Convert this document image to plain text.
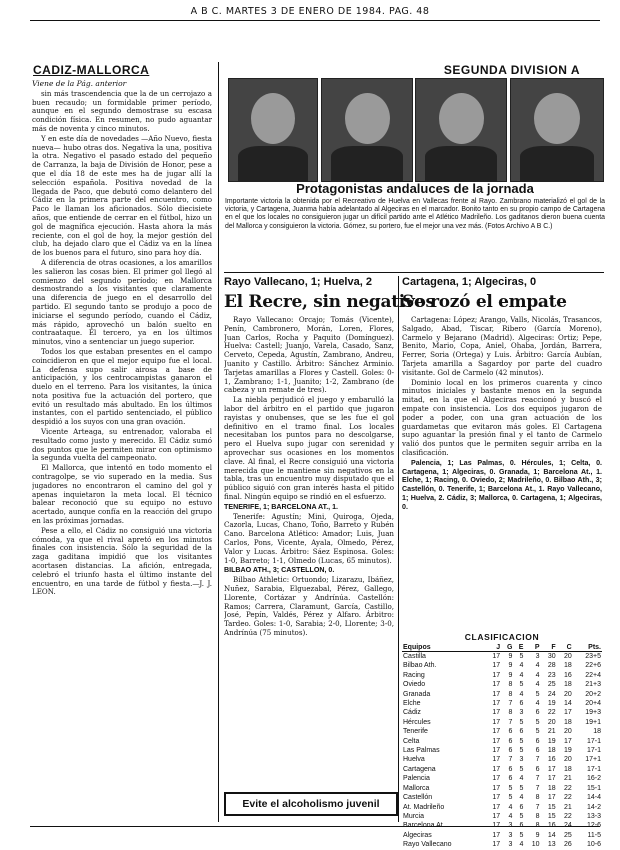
A B C. MARTES 3 DE ENERO DE 1984. PAG. 48
CADIZ-MALLORCA	SEGUNDA DIVISION A

Viene de la Pág. anterior

sin más trascendencia que la de un cerrojazo a buen recaudo; un formidable primer período, aunque en el segundo demostrase su escasa condición física. En resumen, no pudo aguantar más de noventa y cinco minutos.

Y en este día de novedades —Año Nuevo, fiesta nueva— hubo otras dos. Negativa la una, positiva la otra. Negativo el pasado estado del pequeño de Carranza, la baja de División de Honor, pese a que el día 18 de este mes ha de jugar allí la selección española. Positiva novedad de la llegada de Paco, que debutó como delantero del Cádiz en la primera parte del encuentro, como Paco le llaman los aficionados. Sólo diecisiete años, que entiende de cerrar en el fútbol, hizo un gol de magnífica ejecución. Hasta ahora la más reciente, con el gol de hoy, la mejor gestión del club, ha dejado claro que el Cádiz va en la línea de los buenos para el futuro, sino para hoy día.

A diferencia de otras ocasiones, a los amarillos les salieron las cosas bien. El primer gol llegó al comienzo del segundo período; en Mallorca desmostrando a los visitantes que claramente una diferencia de juego en el desarrollo del partido. El segundo tanto se produjo a poco de iniciarse el segundo período, cuando el Cádiz, más rápido, aprovechó un balón suelto en contraataque. El tercero, ya en los últimos minutos, vino a sentenciar un juego superior.

Todos los que estaban presentes en el campo coincidieron en que el mejor equipo fue el local. La defensa supo salir airosa a base de anticipación, y los centrocampistas ganaron el duelo en el terreno. Para los visitantes, la única nota positiva fue la actuación del portero, que evitó un resultado más abultado. En los últimos instantes, con el partido sentenciado, el público despidió a los suyos con una gran ovación.

Vicente Arteaga, su entrenador, valoraba el resultado como justo y merecido. El Cádiz sumó dos puntos que le permiten mirar con optimismo la segunda vuelta del campeonato.

El Mallorca, que intentó en todo momento el contragolpe, se vio superado en la media. Sus jugadores no encontraron el camino del gol y apenas inquietaron la meta local. El técnico balear reconoció que su equipo no estuvo acertado, aunque confía en la reacción del grupo en las próximas jornadas.

Pese a ello, el Cádiz no consiguió una victoria cómoda, ya que el rival apretó en los minutos finales con insistencia. Sólo la seguridad de la zaga gaditana impidió que los visitantes acortasen distancias. La afición, entregada, celebró el triunfo hasta el último instante del encuentro, en una tarde de fútbol y fiesta.—J. J. LEON.

Protagonistas andaluces de la jornada
Importante victoria la obtenida por el Recreativo de Huelva en Vallecas frente al Rayo. Zambrano materializó el gol de la victoria, y Cartagena, Juanma había adelantado al Algeciras en el marcador. Bonito tanto en su propio campo de Cartagena en el que los locales no consiguieron jugar un difícil partido ante el Atlético Madrileño. Los gaditanos dieron buena cuenta del Mallorca y consiguieron la victoria. Gómez, su portero, fue el mejor una vez más. (Fotos Archivo A B C.)
Rayo Vallecano, 1; Huelva, 2
El Recre, sin negativos

Rayo Vallecano: Orcajo; Tomás (Vicente), Penín, Cambronero, Morán, Loren, Flores, Juan Carlos, Rocha y Paquito (Domínguez). Huelva: Castell; Juanjo, Varela, Casado, Sanz, Cerveto, Cepeda, Agustín, Zambrano, Andreu, Juanito y Castillo. Árbitro: Sánchez Arminio. Tarjetas amarillas a Flores y Castell. Goles: 0-1, Zambrano; 1-1, Juanito; 1-2, Zambrano (de cabeza y un remate de tres).

La niebla perjudicó el juego y embarulló la labor del árbitro en el partido que jugaron rayistas y onubenses, que se les fue el gol definitivo en el tramo final. Los locales necesitaban los puntos para no descolgarse, pero el Huelva supo jugar con serenidad y aprovechar sus ocasiones en los momentos clave. Al final, el Recre consiguió una victoria merecida que le mantiene sin negativos en la tabla, tras un encuentro muy disputado que el público siguió con gran interés hasta el pitido final. Ningún equipo se rindió en el esfuerzo.

TENERIFE, 1; BARCELONA AT., 1.

Tenerife: Agustín; Mini, Quiroga, Ojeda, Cazorla, Lucas, Chano, Toño, Barreto y Rubén Cano. Barcelona Atlético: Amador; Luis, Juan Carlos, Pons, Vicente, Ayala, Olmedo, Pérez, Valor y Lucas. Árbitro: Sáez Espinosa. Goles: 1-0, Barreto; 1-1, Olmedo (Lucas, 65 minutos).

BILBAO ATH., 3; CASTELLON, 0.

Bilbao Athletic: Ortuondo; Lizarazu, Ibáñez, Nuñez, Sarabia, Elguezabal, Pérez, Gallego, Llorente, Cortázar y Andrínúa. Castellón: Ramos; Carrera, Claramunt, García, Castillo, José, Pepín, Valdés, Pérez y Alfaro. Árbitro: Tardeo. Goles: 1-0, Sarabia; 2-0, Llorente; 3-0, Andrínúa (75 minutos).

Evite el alcoholismo juvenil
Cartagena, 1; Algeciras, 0
Se rozó el empate

Cartagena: López; Arango, Valls, Nicolás, Trasancos, Salgado, Abad, Tiscar, Ribero (García Moreno), Carmelo y Bejarano (Madrid). Algeciras: Ortiz; Pepe, Benito, Mario, Copa, Aniel, Ohaba, Jordán, Barrera, Ferrer, Soria (Ortega) y Luis. Árbitro: García Aubían, Tarjeta amarilla a Sagardoy por parte del cuadro visitante. Gol de Carmelo (42 minutos).

Dominio local en los primeros cuarenta y cinco minutos iniciales y bastante menos en la segunda mitad, en la que el Algeciras reaccionó y buscó el empate con insistencia. Los dos equipos jugaron de poder a poder, con una gran actuación de los guardametas que evitaron más goles. El Cartagena supo aguantar la presión final y el tanto de Carmelo valió dos puntos que le permiten seguir arriba en la clasificación.

Palencia, 1; Las Palmas, 0. Hércules, 1; Celta, 0. Cartagena, 1; Algeciras, 0. Granada, 1; Barcelona At., 1. Elche, 1; Racing, 0. Oviedo, 2; Madrileño, 0. Bilbao Ath., 3; Castellón, 0. Tenerife, 1; Barcelona At., 1. Rayo Vallecano, 1; Huelva, 2. Cádiz, 3; Mallorca, 0. Cartagena, 1; Algeciras, 0.

CLASIFICACION
Equipos	J	G	E	P	F	C	Pts.
Castilla	17	9	5	3	30	20	23+5
Bilbao Ath.	17	9	4	4	28	18	22+6
Racing	17	9	4	4	23	16	22+4
Oviedo	17	8	5	4	25	18	21+3
Granada	17	8	4	5	24	20	20+2
Elche	17	7	6	4	19	14	20+4
Cádiz	17	8	3	6	22	17	19+3
Hércules	17	7	5	5	20	18	19+1
Tenerife	17	6	6	5	21	20	18
Celta	17	6	5	6	19	17	17-1
Las Palmas	17	6	5	6	18	19	17-1
Huelva	17	7	3	7	16	20	17+1
Cartagena	17	6	5	6	17	18	17-1
Palencia	17	6	4	7	17	21	16-2
Mallorca	17	5	5	7	18	22	15-1
Castellón	17	5	4	8	17	22	14-4
At. Madrileño	17	4	6	7	15	21	14-2
Murcia	17	4	5	8	15	22	13-3
Barcelona At.	17	3	6	8	16	24	12-6
Algeciras	17	3	5	9	14	25	11-5
Rayo Vallecano	17	3	4	10	13	26	10-6
